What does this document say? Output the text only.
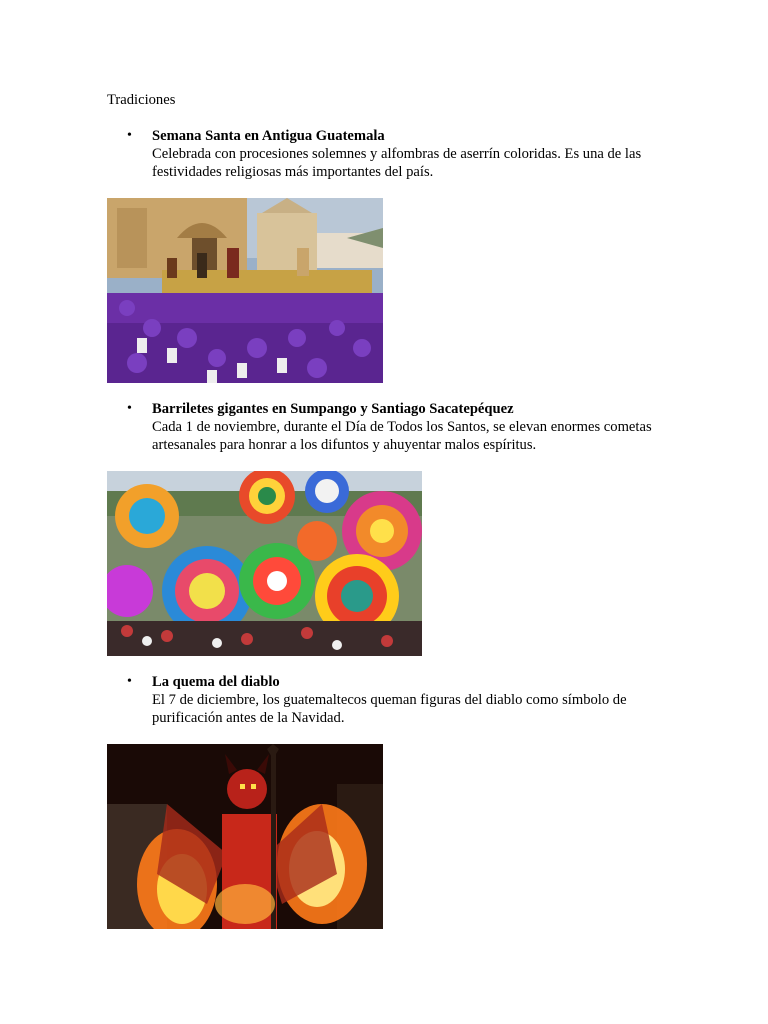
Tradiciones
• Semana Santa en Antigua Guatemala
Celebrada con procesiones solemnes y alfombras de aserrín coloridas. Es una de las festividades religiosas más importantes del país.
• Barriletes gigantes en Sumpango y Santiago Sacatepéquez
Cada 1 de noviembre, durante el Día de Todos los Santos, se elevan enormes cometas artesanales para honrar a los difuntos y ahuyentar malos espíritus.
• La quema del diablo
El 7 de diciembre, los guatemaltecos queman figuras del diablo como símbolo de purificación antes de la Navidad.
